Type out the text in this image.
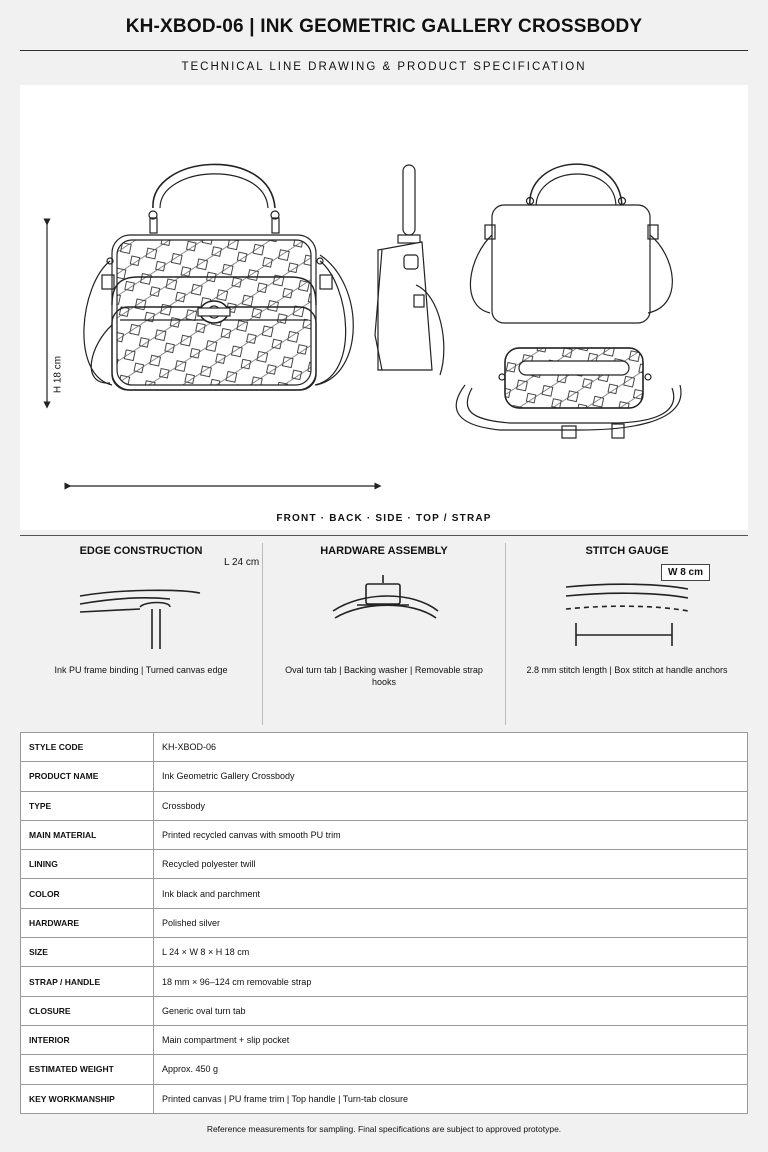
KH-XBOD-06 | INK GEOMETRIC GALLERY CROSSBODY
TECHNICAL LINE DRAWING & PRODUCT SPECIFICATION
H 18 cm
L 24 cm
W 8 cm
FRONT · BACK · SIDE · TOP / STRAP
EDGE CONSTRUCTION

Ink PU frame binding | Turned canvas edge

HARDWARE ASSEMBLY

Oval turn tab | Backing washer | Removable strap hooks

STITCH GAUGE

2.8 mm stitch length | Box stitch at handle anchors

STYLE CODE	KH-XBOD-06
PRODUCT NAME	Ink Geometric Gallery Crossbody
TYPE	Crossbody
MAIN MATERIAL	Printed recycled canvas with smooth PU trim
LINING	Recycled polyester twill
COLOR	Ink black and parchment
HARDWARE	Polished silver
SIZE	L 24 × W 8 × H 18 cm
STRAP / HANDLE	18 mm × 96–124 cm removable strap
CLOSURE	Generic oval turn tab
INTERIOR	Main compartment + slip pocket
ESTIMATED WEIGHT	Approx. 450 g
KEY WORKMANSHIP	Printed canvas | PU frame trim | Top handle | Turn-tab closure
Reference measurements for sampling. Final specifications are subject to approved prototype.
